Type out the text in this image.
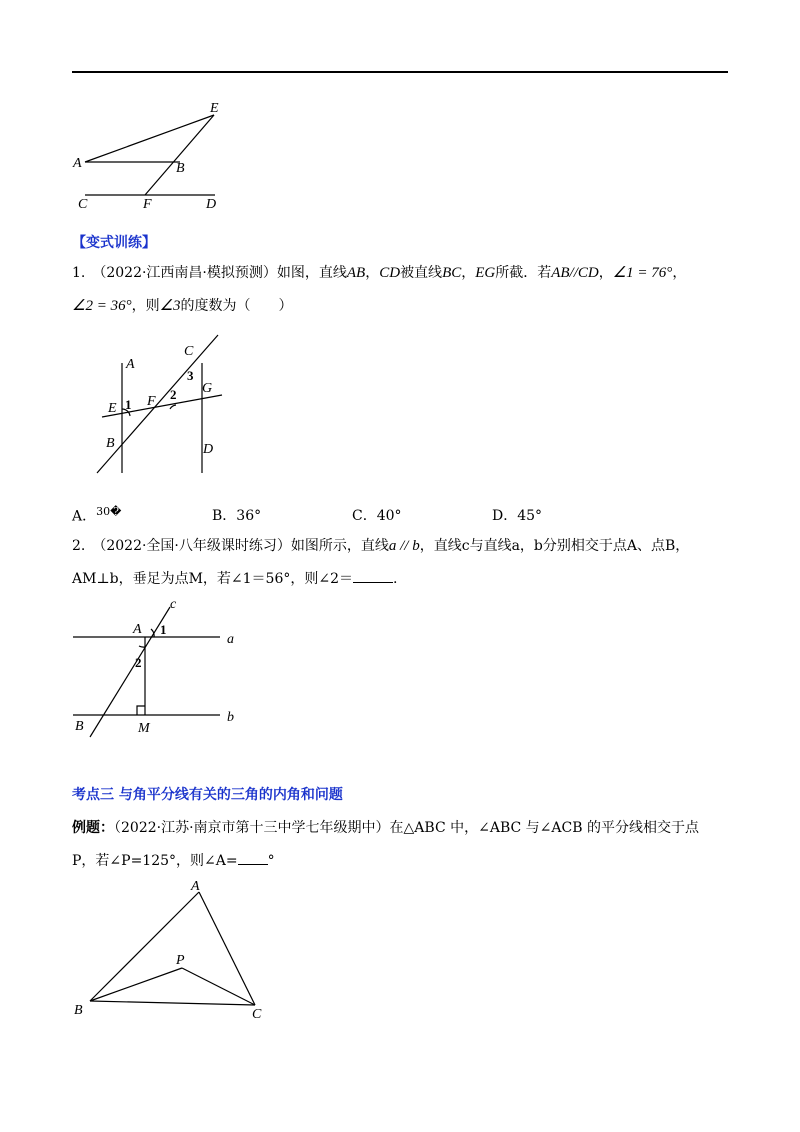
E
A	B
C	F	D
【变式训练】
1.　（2022·江西南昌·模拟预测）如图，直线AB，CD被直线BC，EG所截．若AB//CD，∠1 = 76°，
∠2 = 36°，则∠3的度数为（　　）
A
C
3
G
E 1 F 2
B	D
A．$^{30�}$	B．36°	C．40°	D．45°
2.　（2022·全国·八年级课时练习）如图所示，直线a // b，直线c与直线a，b分别相交于点A、点B，
AM⊥b，垂足为点M，若∠1＝56°，则∠2＝	.
c
A 1
a
2
B	M
b
考点三 与角平分线有关的三角的内角和问题
例题：（2022·江苏·南京市第十三中学七年级期中）在△ABC 中，∠ABC 与∠ACB 的平分线相交于点
P，若∠P=125°，则∠A= °
A
P
B	C
